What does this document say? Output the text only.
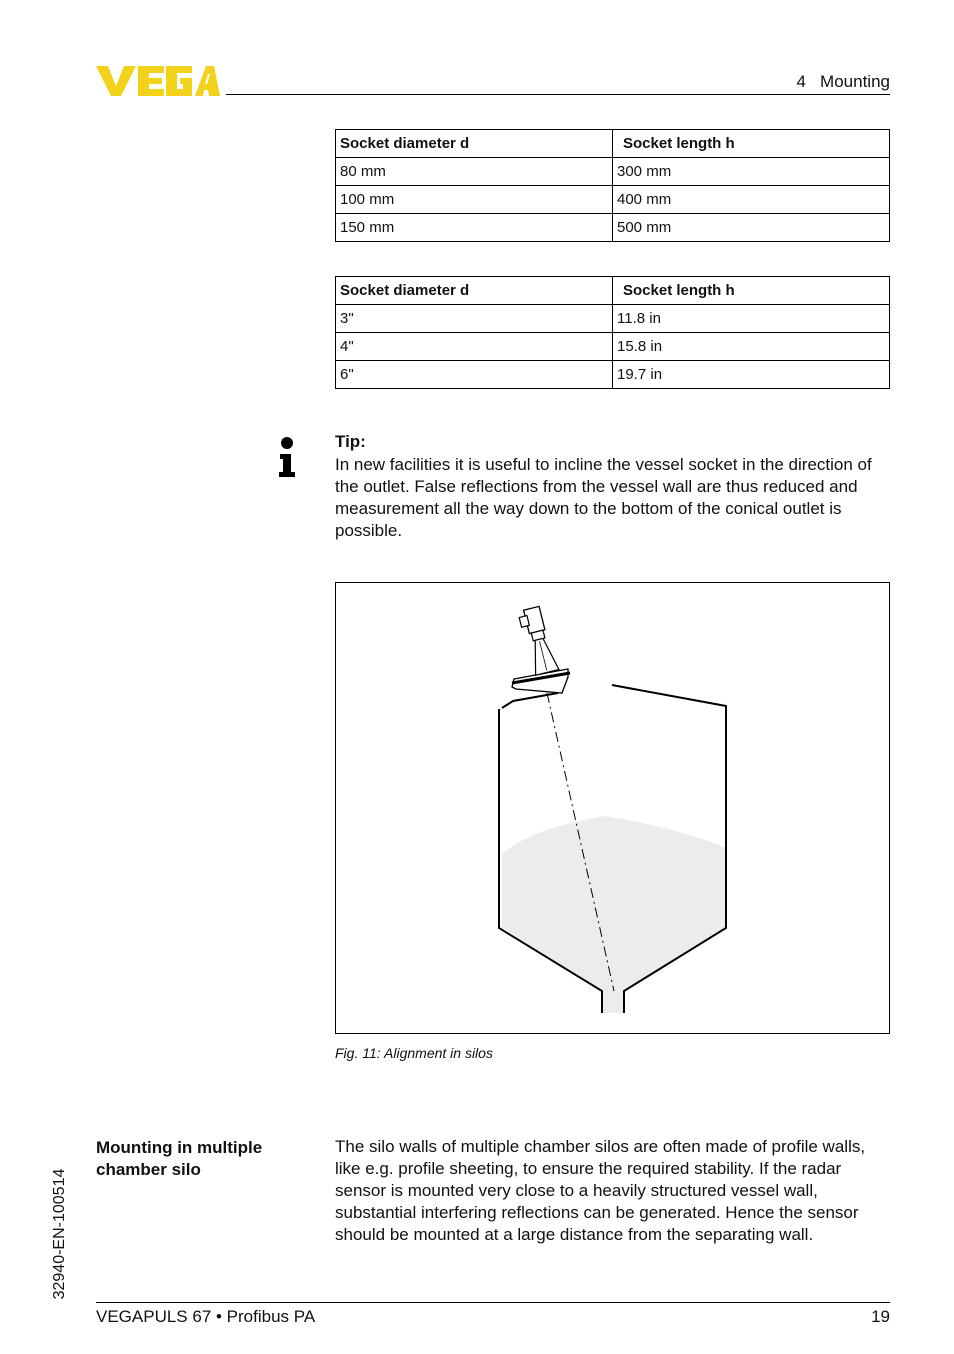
4   Mounting
Socket diameter d	Socket length h
80 mm	300 mm
100 mm	400 mm
150 mm	500 mm
Socket diameter d	Socket length h
3"	11.8 in
4"	15.8 in
6"	19.7 in
Tip:
In new facilities it is useful to incline the vessel socket in the direction of the outlet. False reflections from the vessel wall are thus reduced and measurement all the way down to the bottom of the conical outlet is possible.
Fig. 11: Alignment in silos
Mounting in multiple chamber silo
The silo walls of multiple chamber silos are often made of profile walls, like e.g. profile sheeting, to ensure the required stability. If the radar sensor is mounted very close to a heavily structured vessel wall, substantial interfering reflections can be generated. Hence the sensor should be mounted at a large distance from the separating wall.
32940-EN-100514
VEGAPULS 67 • Profibus PA	19
